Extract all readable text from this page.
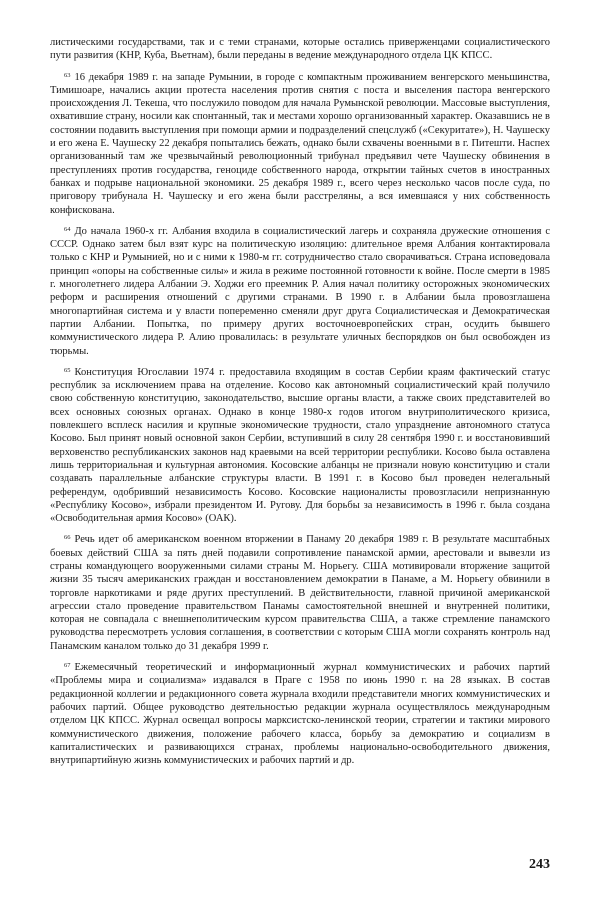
листическими государствами, так и с теми странами, которые остались приверженцами социалистического пути развития (КНР, Куба, Вьетнам), были переданы в ведение международного отдела ЦК КПСС.

$^{63}$ 16 декабря 1989 г. на западе Румынии, в городе с компактным проживанием венгерского меньшинства, Тимишоаре, начались акции протеста населения против снятия с поста и выселения пастора венгерского происхождения Л. Текеша, что послужило поводом для начала Румынской революции. Массовые выступления, охватившие страну, носили как спонтанный, так и местами хорошо организованный характер. Оказавшись не в состоянии подавить выступления при помощи армии и подразделений спецслужб («Секуритате»), Н. Чаушеску и его жена Е. Чаушеску 22 декабря попытались бежать, однако были схвачены военными в г. Питешти. Наспех организованный там же чрезвычайный революционный трибунал предъявил чете Чаушеску обвинения в преступлениях против государства, геноциде собственного народа, открытии тайных счетов в иностранных банках и подрыве национальной экономики. 25 декабря 1989 г., всего через несколько часов после суда, по приговору трибунала Н. Чаушеску и его жена были расстреляны, а вся имевшаяся у них собственность конфискована.

$^{64}$ До начала 1960-х гг. Албания входила в социалистический лагерь и сохраняла дружеские отношения с СССР. Однако затем был взят курс на политическую изоляцию: длительное время Албания контактировала только с КНР и Румынией, но и с ними к 1980-м гг. сотрудничество стало сворачиваться. Страна исповедовала принцип «опоры на собственные силы» и жила в режиме постоянной готовности к войне. После смерти в 1985 г. многолетнего лидера Албании Э. Ходжи его преемник Р. Алия начал политику осторожных экономических реформ и расширения отношений с другими странами. В 1990 г. в Албании была провозглашена многопартийная система и у власти попеременно сменяли друг друга Социалистическая и Демократическая партии Албании. Попытка, по примеру других восточноевропейских стран, осудить бывшего коммунистического лидера Р. Алию провалилась: в результате уличных беспорядков он был освобожден из тюрьмы.

$^{65}$ Конституция Югославии 1974 г. предоставила входящим в состав Сербии краям фактический статус республик за исключением права на отделение. Косово как автономный социалистический край получило свою собственную конституцию, законодательство, высшие органы власти, а также своих представителей во всех основных союзных органах. Однако в конце 1980-х годов итогом внутриполитического кризиса, повлекшего всплеск насилия и крупные экономические трудности, стало упразднение автономного статуса Косово. Был принят новый основной закон Сербии, вступивший в силу 28 сентября 1990 г. и восстановивший верховенство республиканских законов над краевыми на всей территории республики. Косово была оставлена лишь территориальная и культурная автономия. Косовские албанцы не признали новую конституцию и стали создавать параллельные албанские структуры власти. В 1991 г. в Косово был проведен нелегальный референдум, одобривший независимость Косово. Косовские националисты провозгласили непризнанную «Республику Косово», избрали президентом И. Ругову. Для борьбы за независимость в 1996 г. была создана «Освободительная армия Косово» (ОАК).

$^{66}$ Речь идет об американском военном вторжении в Панаму 20 декабря 1989 г. В результате масштабных боевых действий США за пять дней подавили сопротивление панамской армии, арестовали и вывезли из страны командующего вооруженными силами страны М. Норьегу. США мотивировали вторжение защитой жизни 35 тысяч американских граждан и восстановлением демократии в Панаме, а М. Норьегу обвинили в торговле наркотиками и ряде других преступлений. В действительности, главной причиной американской агрессии стало проведение правительством Панамы самостоятельной внешней и внутренней политики, которая не совпадала с внешнеполитическим курсом правительства США, а также стремление панамского руководства пересмотреть условия соглашения, в соответствии с которым США могли сохранять контроль над Панамским каналом только до 31 декабря 1999 г.

$^{67}$ Ежемесячный теоретический и информационный журнал коммунистических и рабочих партий «Проблемы мира и социализма» издавался в Праге с 1958 по июнь 1990 г. на 28 языках. В состав редакционной коллегии и редакционного совета журнала входили представители многих коммунистических и рабочих партий. Общее руководство деятельностью редакции журнала осуществлялось международным отделом ЦК КПСС. Журнал освещал вопросы марксистско-ленинской теории, стратегии и тактики мирового коммунистического движения, положение рабочего класса, борьбу за демократию и социализм в капиталистических и развивающихся странах, проблемы национально-освободительного движения, внутрипартийную жизнь коммунистических и рабочих партий и др.

243
